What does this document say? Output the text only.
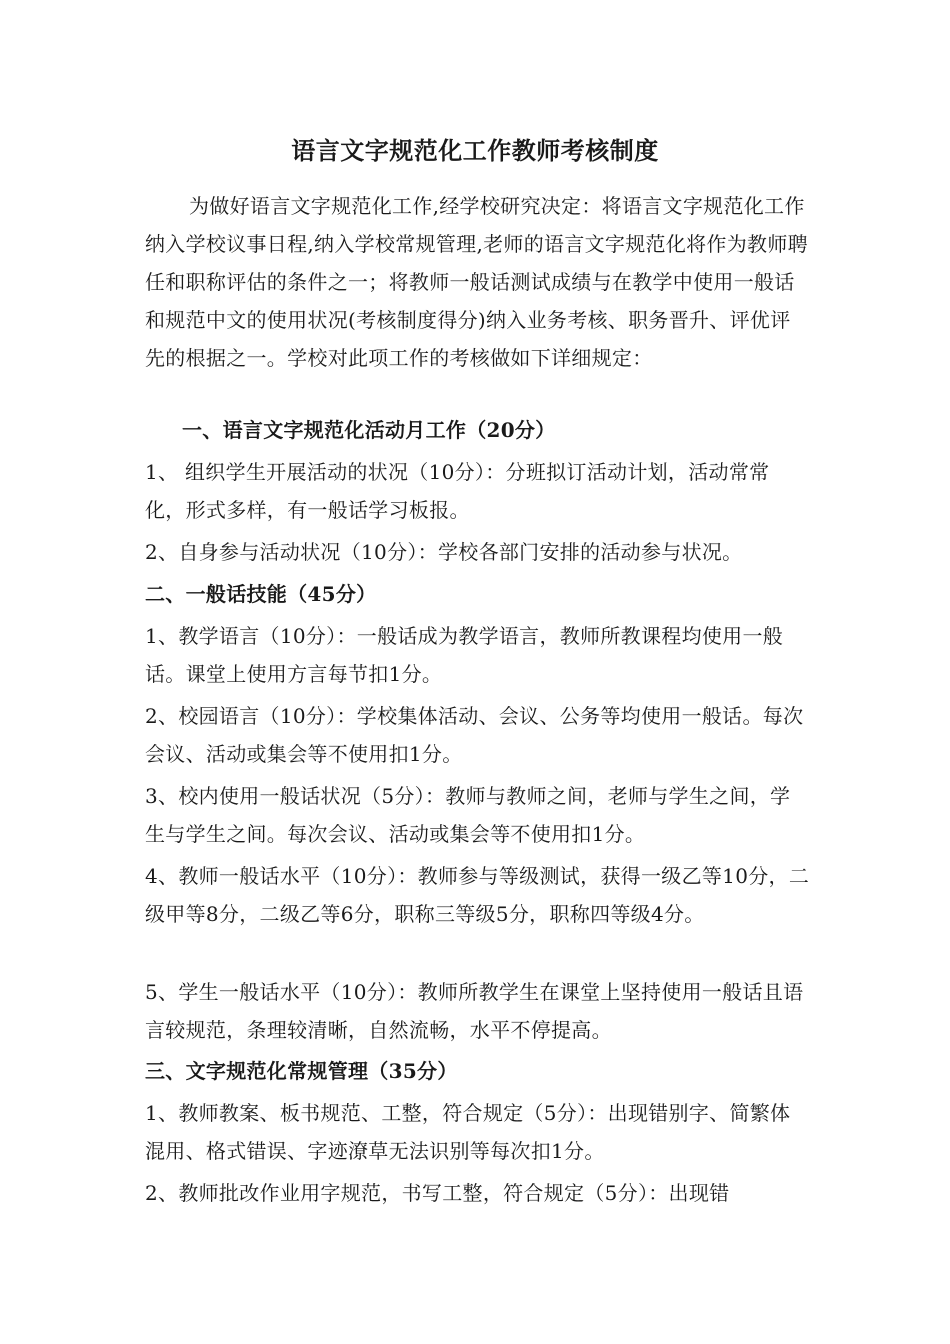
语言文字规范化工作教师考核制度
为做好语言文字规范化工作,经学校研究决定：将语言文字规范化工作纳入学校议事日程,纳入学校常规管理,老师的语言文字规范化将作为教师聘任和职称评估的条件之一；将教师一般话测试成绩与在教学中使用一般话和规范中文的使用状况(考核制度得分)纳入业务考核、职务晋升、评优评先的根据之一。学校对此项工作的考核做如下详细规定：
一、语言文字规范化活动月工作（20分）
1、 组织学生开展活动的状况（10分）：分班拟订活动计划，活动常常化，形式多样，有一般话学习板报。
2、自身参与活动状况（10分）：学校各部门安排的活动参与状况。
二、一般话技能（45分）
1、教学语言（10分）：一般话成为教学语言，教师所教课程均使用一般话。课堂上使用方言每节扣1分。
2、校园语言（10分）：学校集体活动、会议、公务等均使用一般话。每次会议、活动或集会等不使用扣1分。
3、校内使用一般话状况（5分）：教师与教师之间，老师与学生之间，学生与学生之间。每次会议、活动或集会等不使用扣1分。
4、教师一般话水平（10分）：教师参与等级测试，获得一级乙等10分，二级甲等8分，二级乙等6分，职称三等级5分，职称四等级4分。
5、学生一般话水平（10分）：教师所教学生在课堂上坚持使用一般话且语言较规范，条理较清晰，自然流畅，水平不停提高。
三、文字规范化常规管理（35分）
1、教师教案、板书规范、工整，符合规定（5分）：出现错别字、简繁体混用、格式错误、字迹潦草无法识别等每次扣1分。
2、教师批改作业用字规范，书写工整，符合规定（5分）：出现错
